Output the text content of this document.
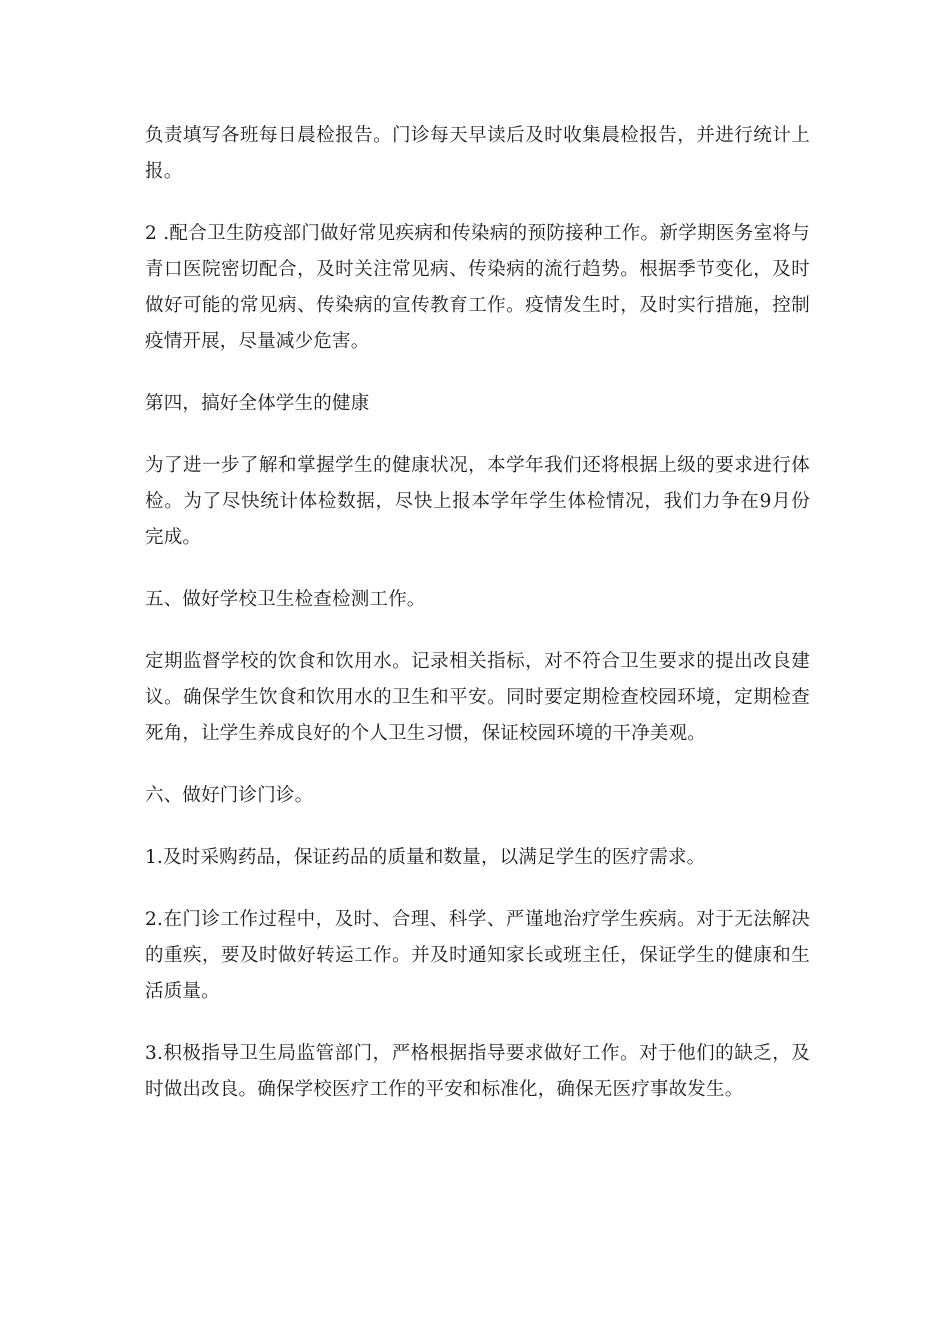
负责填写各班每日晨检报告。门诊每天早读后及时收集晨检报告，并进行统计上报。

2 .配合卫生防疫部门做好常见疾病和传染病的预防接种工作。新学期医务室将与青口医院密切配合，及时关注常见病、传染病的流行趋势。根据季节变化，及时做好可能的常见病、传染病的宣传教育工作。疫情发生时，及时实行措施，控制疫情开展，尽量减少危害。

第四，搞好全体学生的健康

为了进一步了解和掌握学生的健康状况，本学年我们还将根据上级的要求进行体检。为了尽快统计体检数据，尽快上报本学年学生体检情况，我们力争在9月份完成。

五、做好学校卫生检查检测工作。

定期监督学校的饮食和饮用水。记录相关指标，对不符合卫生要求的提出改良建议。确保学生饮食和饮用水的卫生和平安。同时要定期检查校园环境，定期检查死角，让学生养成良好的个人卫生习惯，保证校园环境的干净美观。

六、做好门诊门诊。

1.及时采购药品，保证药品的质量和数量，以满足学生的医疗需求。

2.在门诊工作过程中，及时、合理、科学、严谨地治疗学生疾病。对于无法解决的重疾，要及时做好转运工作。并及时通知家长或班主任，保证学生的健康和生活质量。

3.积极指导卫生局监管部门，严格根据指导要求做好工作。对于他们的缺乏，及时做出改良。确保学校医疗工作的平安和标准化，确保无医疗事故发生。
